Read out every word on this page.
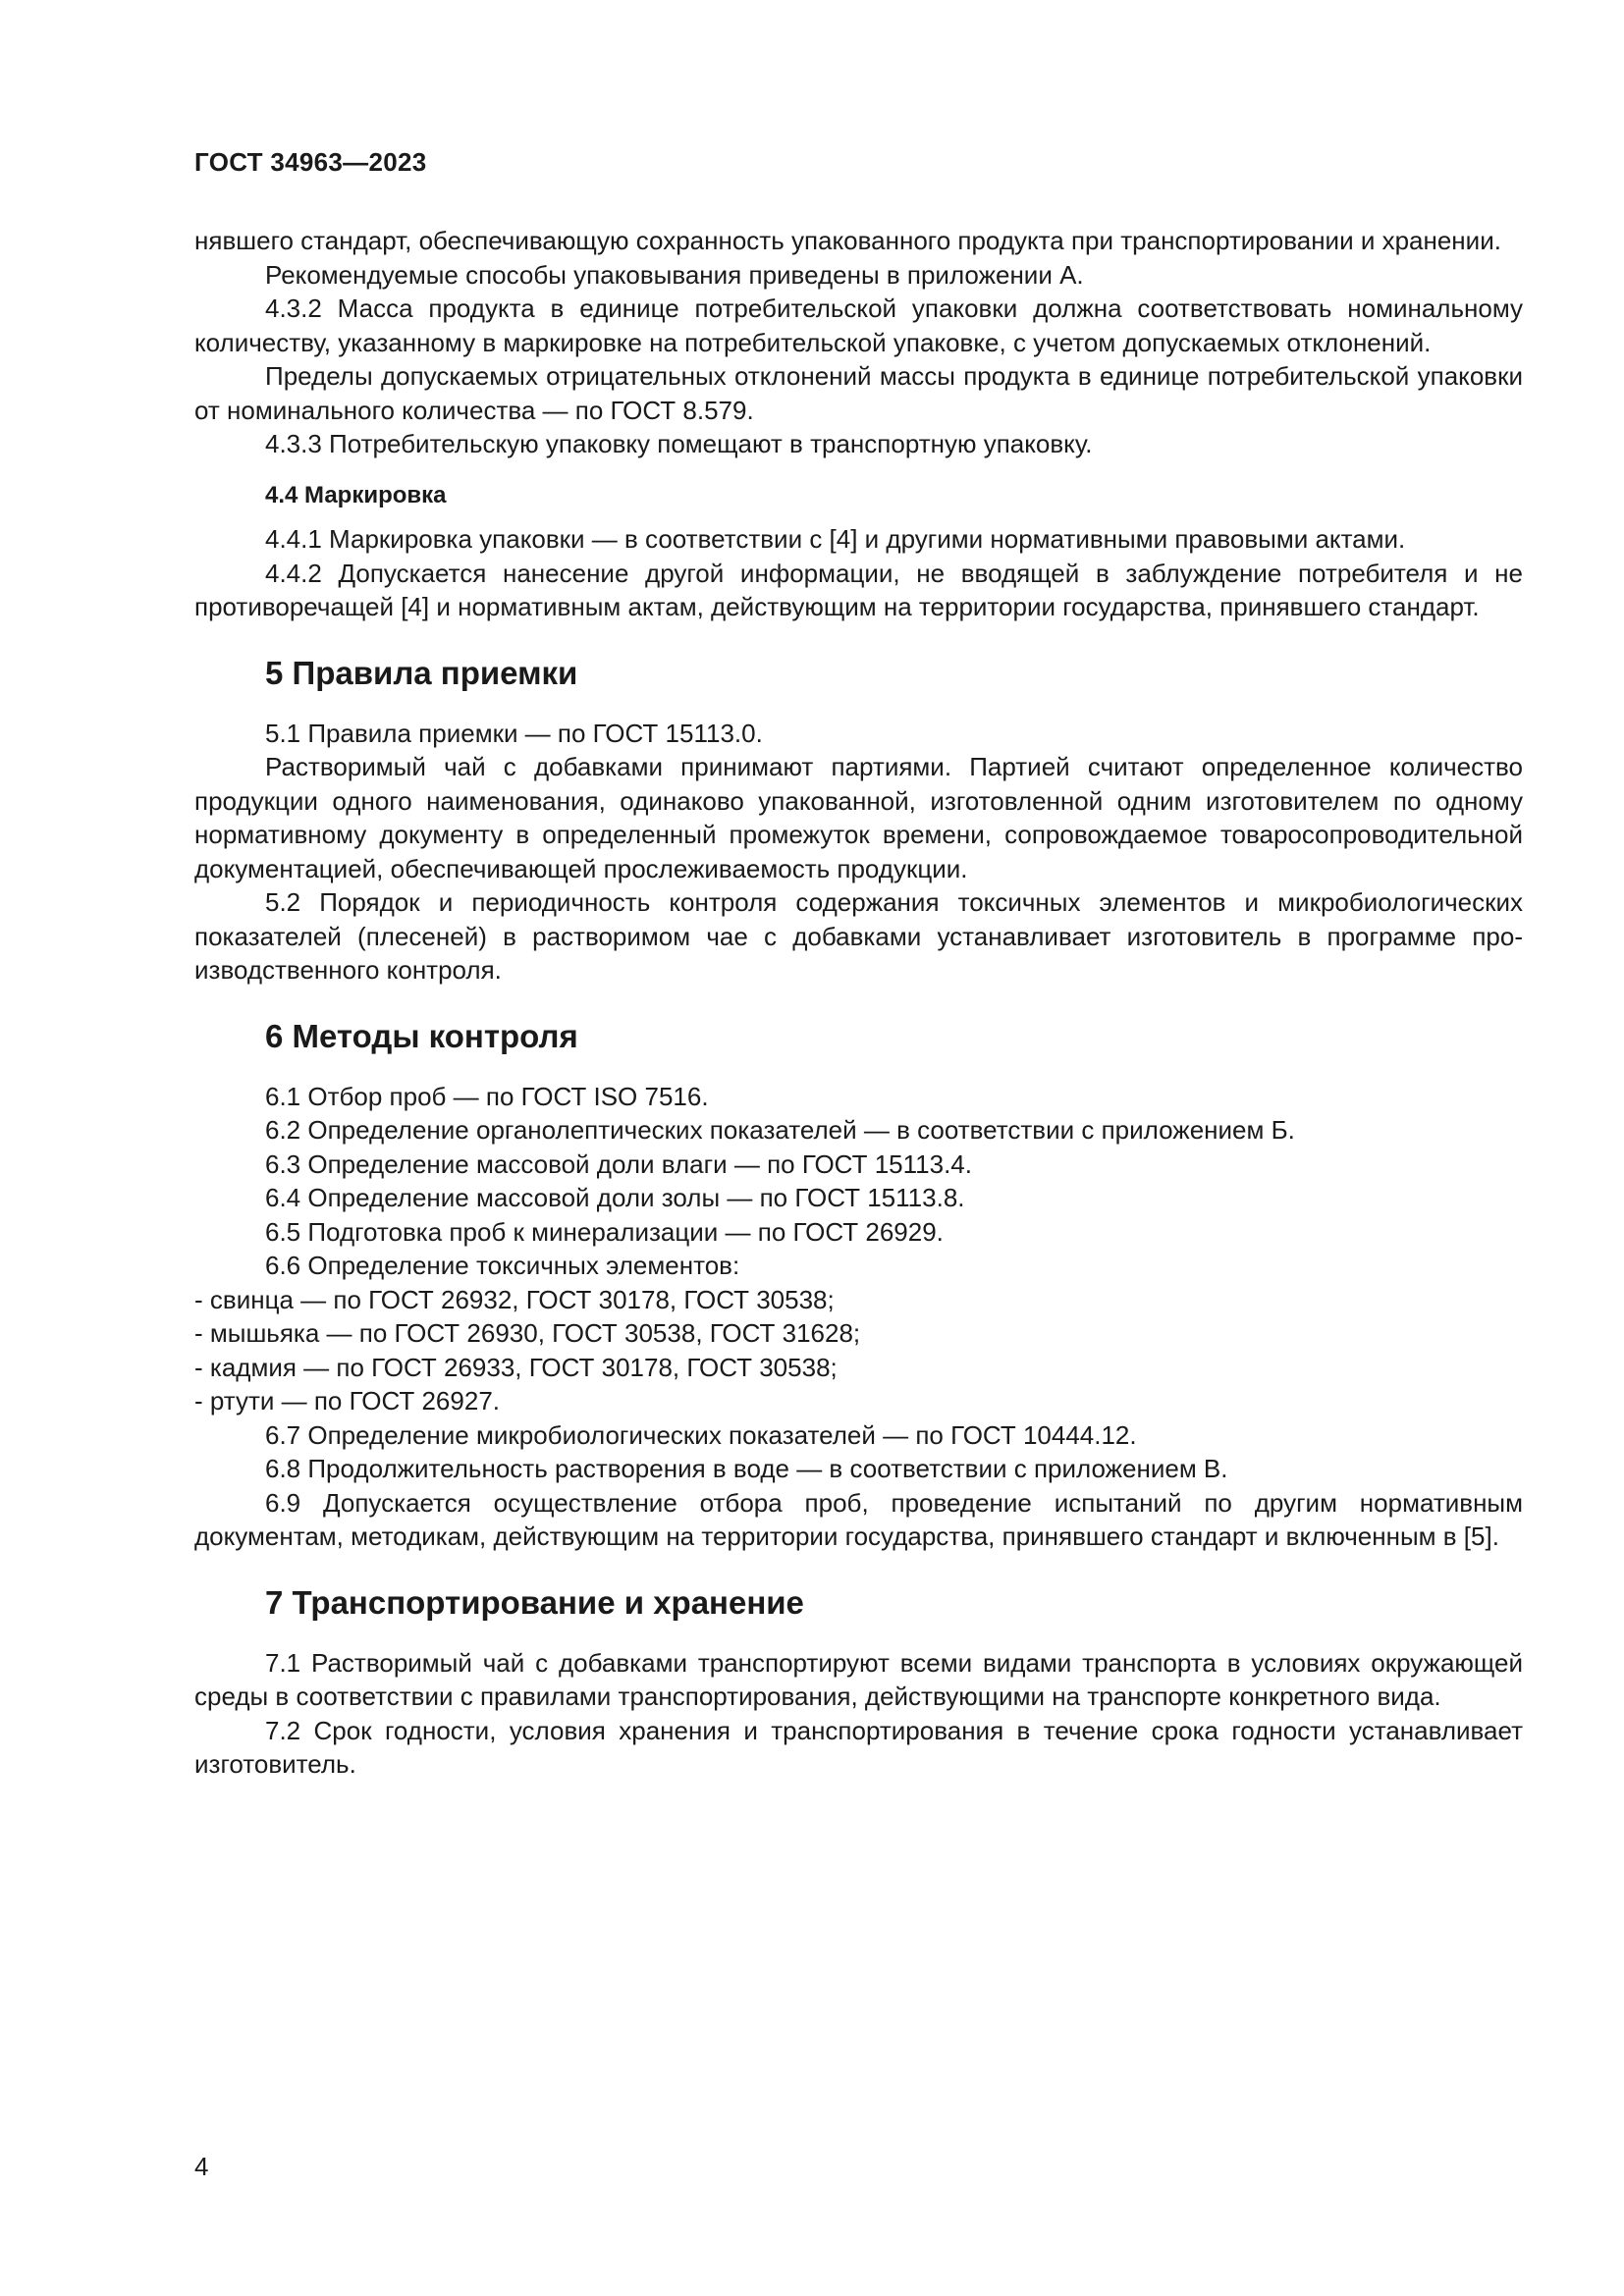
ГОСТ 34963—2023

нявшего стандарт, обеспечивающую сохранность упакованного продукта при транспортировании и хранении.

Рекомендуемые способы упаковывания приведены в приложении А.

4.3.2 Масса продукта в единице потребительской упаковки должна соответствовать номинальному количеству, указанному в маркировке на потребительской упаковке, с учетом допускаемых отклонений.

Пределы допускаемых отрицательных отклонений массы продукта в единице потребительской упаковки от номинального количества — по ГОСТ 8.579.

4.3.3 Потребительскую упаковку помещают в транспортную упаковку.

4.4 Маркировка

4.4.1 Маркировка упаковки — в соответствии с [4] и другими нормативными правовыми актами.

4.4.2 Допускается нанесение другой информации, не вводящей в заблуждение потребителя и не противоречащей [4] и нормативным актам, действующим на территории государства, принявшего стандарт.

5 Правила приемки

5.1 Правила приемки — по ГОСТ 15113.0.

Растворимый чай с добавками принимают партиями. Партией считают определенное количество продукции одного наименования, одинаково упакованной, изготовленной одним изготовителем по одному нормативному документу в определенный промежуток времени, сопровождаемое товаросопроводительной документацией, обеспечивающей прослеживаемость продукции.

5.2 Порядок и периодичность контроля содержания токсичных элементов и микробиологических показателей (плесеней) в растворимом чае с добавками устанавливает изготовитель в программе производственного контроля.

6 Методы контроля

6.1 Отбор проб — по ГОСТ ISO 7516.

6.2 Определение органолептических показателей — в соответствии с приложением Б.

6.3 Определение массовой доли влаги — по ГОСТ 15113.4.

6.4 Определение массовой доли золы — по ГОСТ 15113.8.

6.5 Подготовка проб к минерализации — по ГОСТ 26929.

6.6 Определение токсичных элементов:

- свинца — по ГОСТ 26932, ГОСТ 30178, ГОСТ 30538;

- мышьяка — по ГОСТ 26930, ГОСТ 30538, ГОСТ 31628;

- кадмия — по ГОСТ 26933, ГОСТ 30178, ГОСТ 30538;

- ртути — по ГОСТ 26927.

6.7 Определение микробиологических показателей — по ГОСТ 10444.12.

6.8 Продолжительность растворения в воде — в соответствии с приложением В.

6.9 Допускается осуществление отбора проб, проведение испытаний по другим нормативным документам, методикам, действующим на территории государства, принявшего стандарт и включенным в [5].

7 Транспортирование и хранение

7.1 Растворимый чай с добавками транспортируют всеми видами транспорта в условиях окружающей среды в соответствии с правилами транспортирования, действующими на транспорте конкретного вида.

7.2 Срок годности, условия хранения и транспортирования в течение срока годности устанавливает изготовитель.

4
